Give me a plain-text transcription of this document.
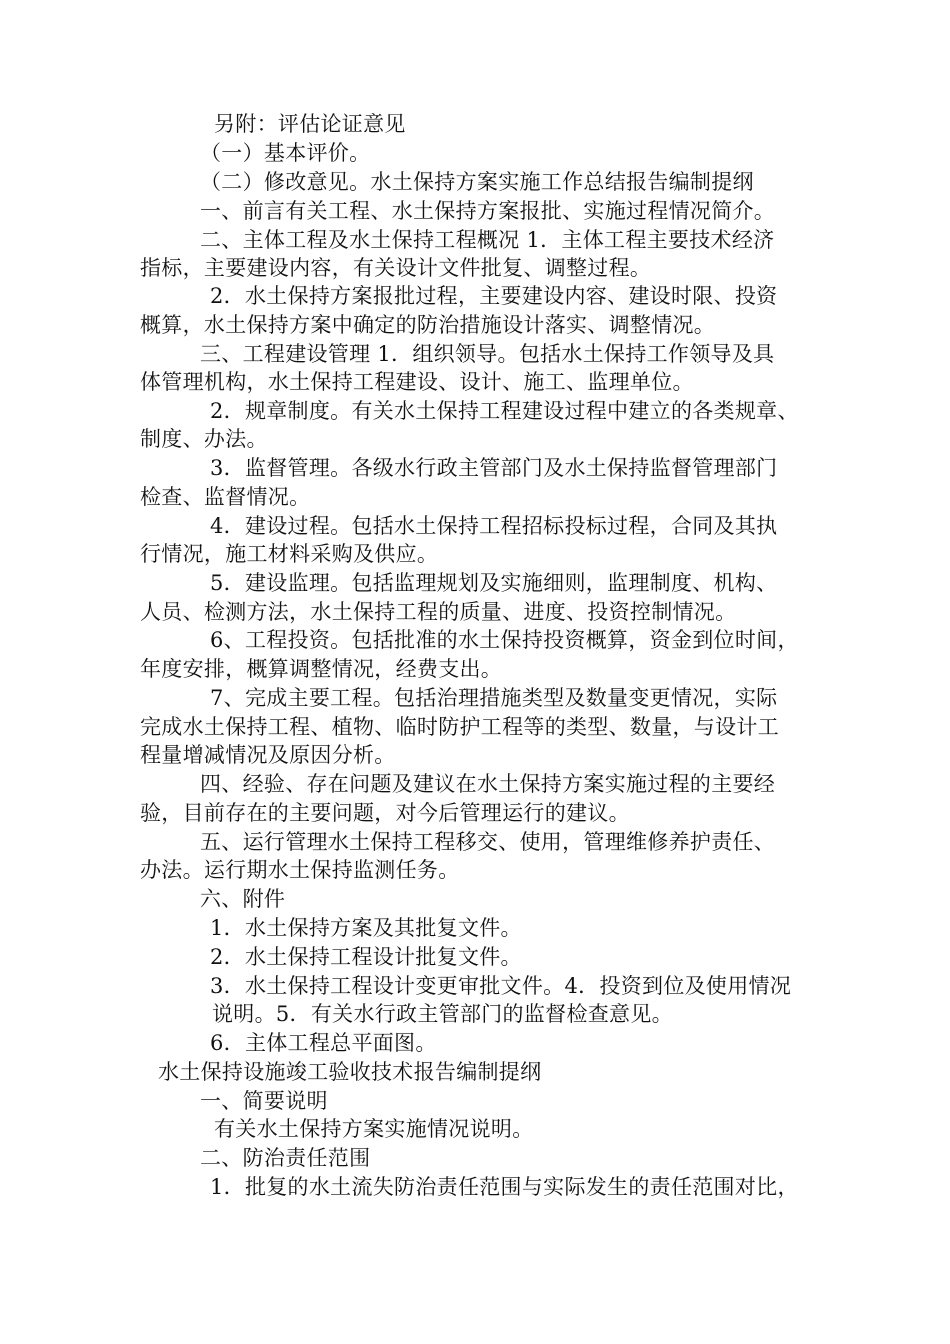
另附：评估论证意见
（一）基本评价。
（二）修改意见。水土保持方案实施工作总结报告编制提纲
一、前言有关工程、水土保持方案报批、实施过程情况简介。
二、主体工程及水土保持工程概况 1．主体工程主要技术经济
指标，主要建设内容，有关设计文件批复、调整过程。
2．水土保持方案报批过程，主要建设内容、建设时限、投资
概算，水土保持方案中确定的防治措施设计落实、调整情况。
三、工程建设管理 1．组织领导。包括水土保持工作领导及具
体管理机构，水土保持工程建设、设计、施工、监理单位。
2．规章制度。有关水土保持工程建设过程中建立的各类规章、
制度、办法。
3．监督管理。各级水行政主管部门及水土保持监督管理部门
检查、监督情况。
4．建设过程。包括水土保持工程招标投标过程，合同及其执
行情况，施工材料采购及供应。
5．建设监理。包括监理规划及实施细则，监理制度、机构、
人员、检测方法，水土保持工程的质量、进度、投资控制情况。
6、工程投资。包括批准的水土保持投资概算，资金到位时间，
年度安排，概算调整情况，经费支出。
7、完成主要工程。包括治理措施类型及数量变更情况，实际
完成水土保持工程、植物、临时防护工程等的类型、数量，与设计工
程量增减情况及原因分析。
四、经验、存在问题及建议在水土保持方案实施过程的主要经
验，目前存在的主要问题，对今后管理运行的建议。
五、运行管理水土保持工程移交、使用，管理维修养护责任、
办法。运行期水土保持监测任务。
六、附件
1．水土保持方案及其批复文件。
2．水土保持工程设计批复文件。
3．水土保持工程设计变更审批文件。4．投资到位及使用情况
说明。5．有关水行政主管部门的监督检查意见。
6．主体工程总平面图。
水土保持设施竣工验收技术报告编制提纲
一、简要说明
有关水土保持方案实施情况说明。
二、防治责任范围
1．批复的水土流失防治责任范围与实际发生的责任范围对比，
